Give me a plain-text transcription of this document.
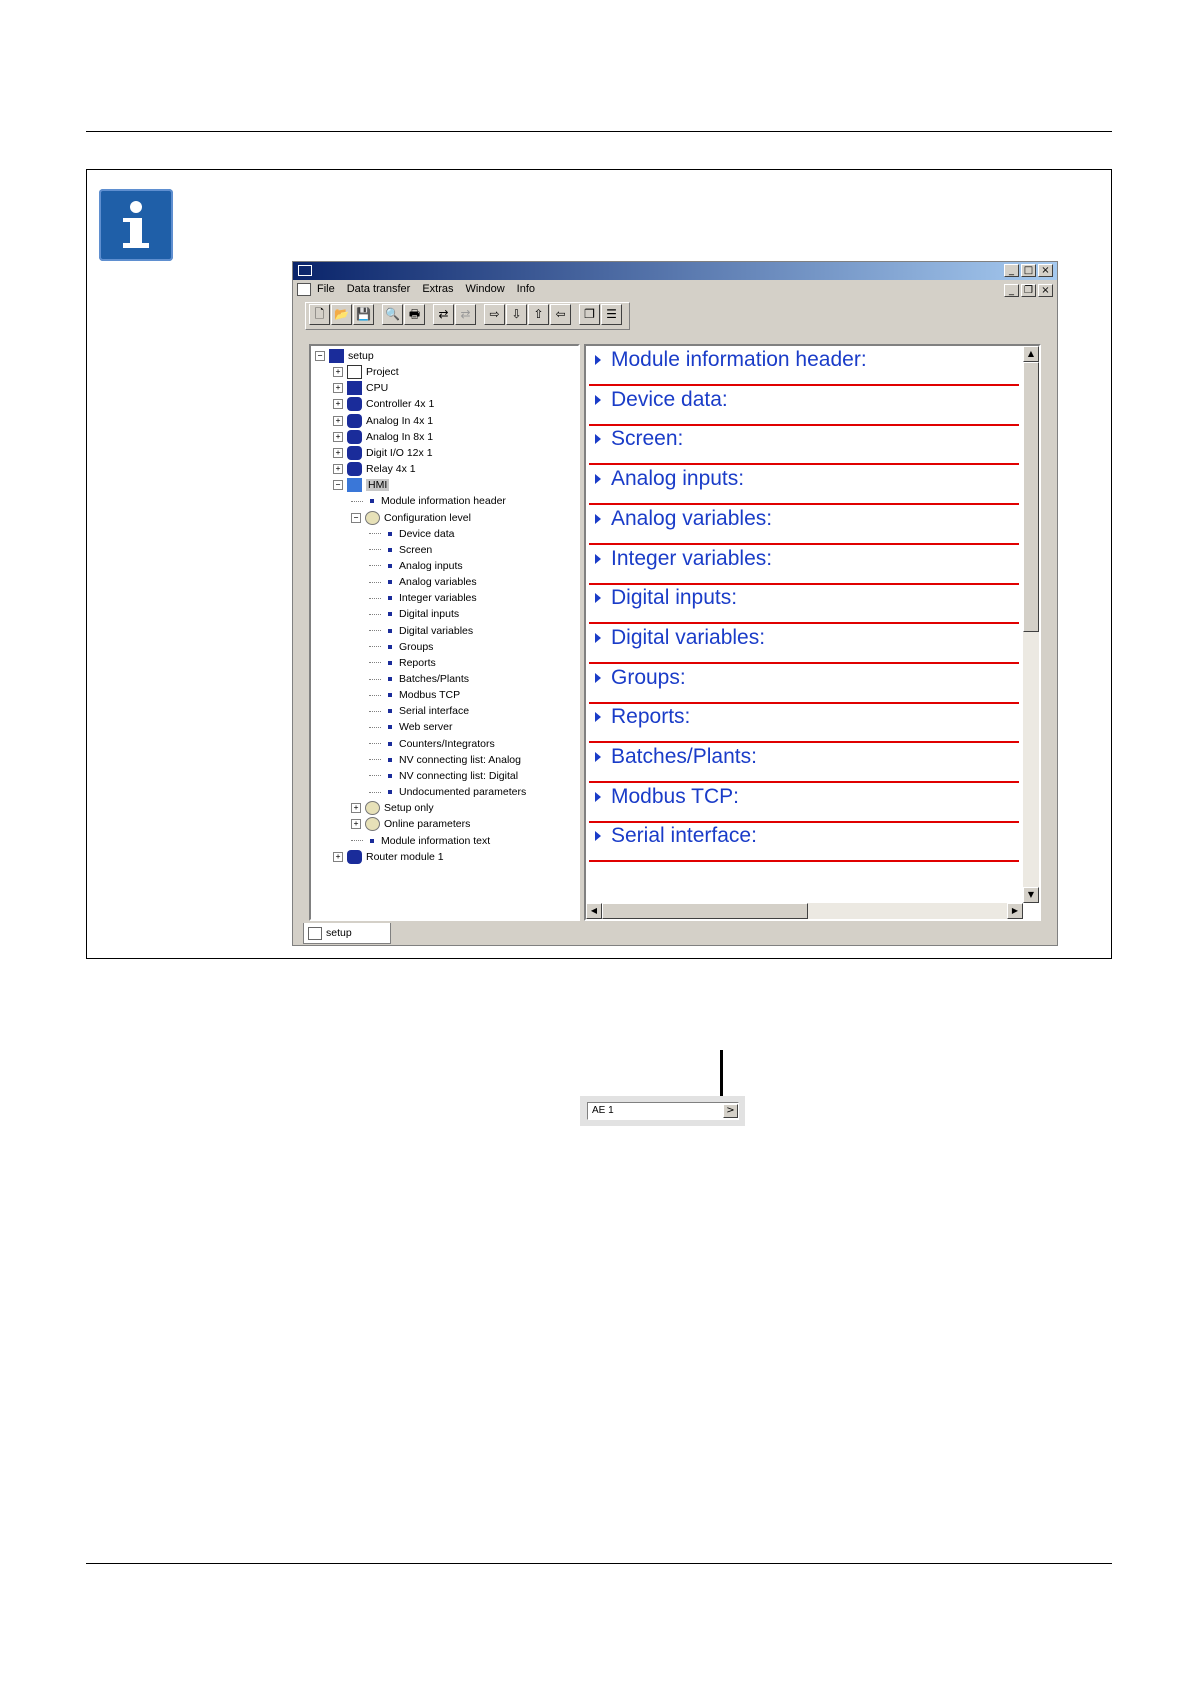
_ □ ×
File Data transfer Extras Window Info	_	❐ ×
🗋 📂 💾 🔍 🖶	⇄ ⇄	⇨ ⇩ ⇧ ⇦	❐ ☰
− setup
+ Project
+ CPU
+ Controller 4x 1
+ Analog In 4x 1
+ Analog In 8x 1
+ Digit I/O 12x 1
+ Relay 4x 1
−	HMI
Module information header
− Configuration level
Device data
Screen
Analog inputs
Analog variables
Integer variables
Digital inputs
Digital variables
Groups
Reports
Batches/Plants
Modbus TCP
Serial interface
Web server
Counters/Integrators
NV connecting list: Analog
NV connecting list: Digital
Undocumented parameters
+ Setup only
+ Online parameters
Module information text
+ Router module 1
Serial interface:
Modbus TCP:
Batches/Plants:
Reports:
Groups:
Digital variables:
Digital inputs:
Integer variables:
Analog variables:
Analog inputs:
Screen:
Device data:
Module information header:	▲
▼
◀	▶
setup
AE 1	>
